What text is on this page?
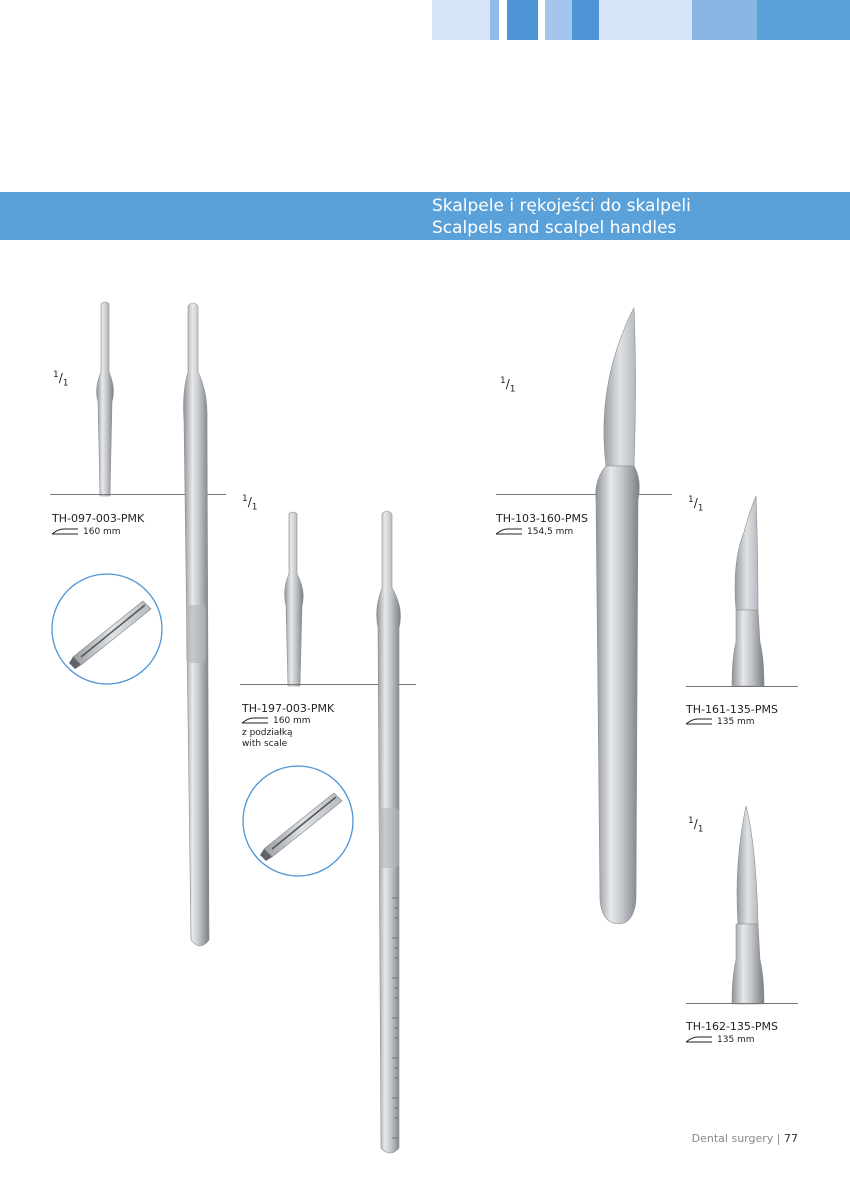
Skalpele i rękojeści do skalpeli
Scalpels and scalpel handles
$^1/_1$
TH-097-003-PMK
160 mm
$^1/_1$
TH-197-003-PMK
160 mm
z podziałką
with scale
$^1/_1$
TH-103-160-PMS
154,5 mm
$^1/_1$
TH-161-135-PMS
135 mm
$^1/_1$
TH-162-135-PMS
135 mm
Dental surgery | 77
